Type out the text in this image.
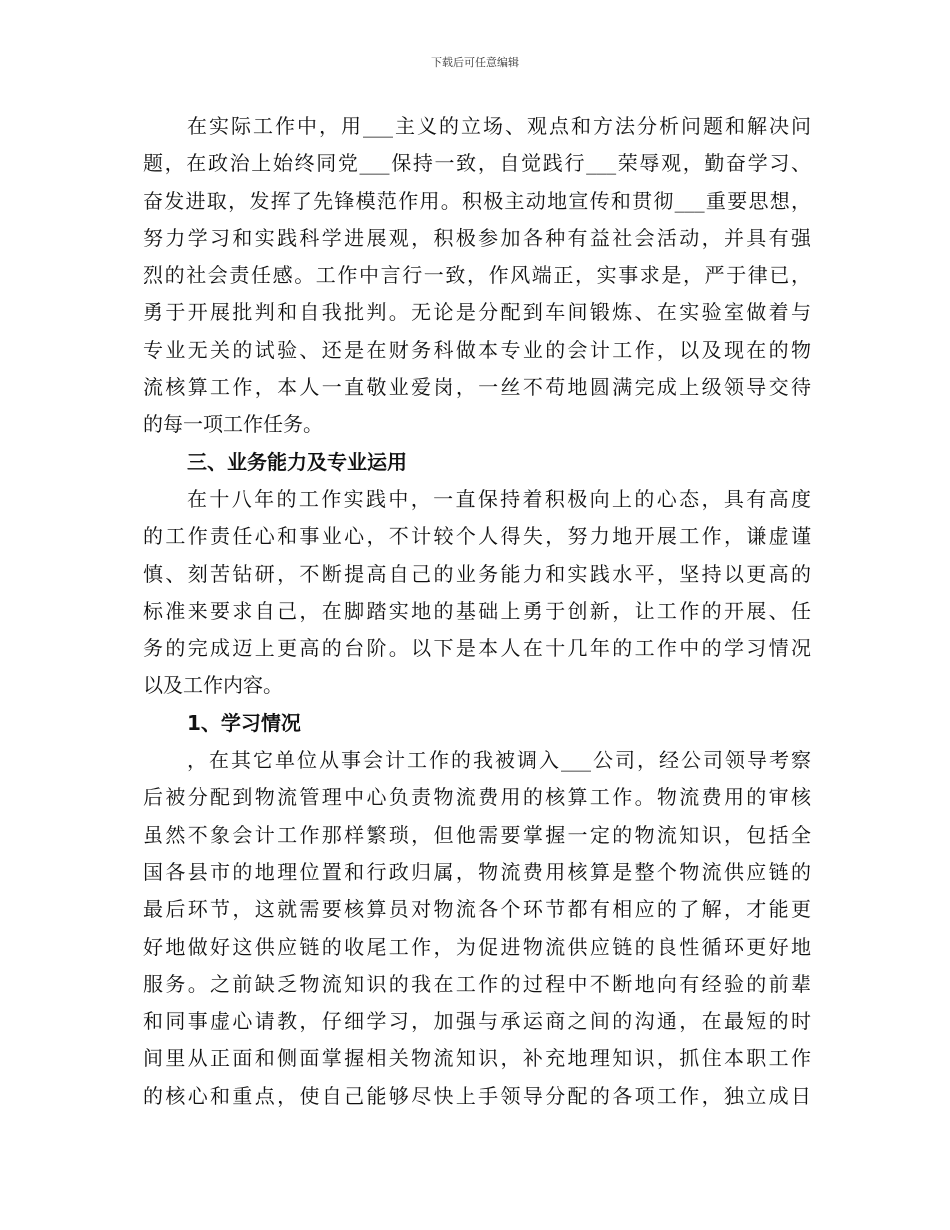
下载后可任意编辑
在实际工作中，用___主义的立场、观点和方法分析问题和解决问
题，在政治上始终同党___保持一致，自觉践行___荣辱观，勤奋学习、
奋发进取，发挥了先锋模范作用。积极主动地宣传和贯彻___重要思想，
努力学习和实践科学进展观，积极参加各种有益社会活动，并具有强
烈的社会责任感。工作中言行一致，作风端正，实事求是，严于律已，
勇于开展批判和自我批判。无论是分配到车间锻炼、在实验室做着与
专业无关的试验、还是在财务科做本专业的会计工作，以及现在的物
流核算工作，本人一直敬业爱岗，一丝不苟地圆满完成上级领导交待
的每一项工作任务。
三、业务能力及专业运用
在十八年的工作实践中，一直保持着积极向上的心态，具有高度
的工作责任心和事业心，不计较个人得失，努力地开展工作，谦虚谨
慎、刻苦钻研，不断提高自己的业务能力和实践水平，坚持以更高的
标准来要求自己，在脚踏实地的基础上勇于创新，让工作的开展、任
务的完成迈上更高的台阶。以下是本人在十几年的工作中的学习情况
以及工作内容。
1、学习情况
，在其它单位从事会计工作的我被调入___公司，经公司领导考察
后被分配到物流管理中心负责物流费用的核算工作。物流费用的审核
虽然不象会计工作那样繁琐，但他需要掌握一定的物流知识，包括全
国各县市的地理位置和行政归属，物流费用核算是整个物流供应链的
最后环节，这就需要核算员对物流各个环节都有相应的了解，才能更
好地做好这供应链的收尾工作，为促进物流供应链的良性循环更好地
服务。之前缺乏物流知识的我在工作的过程中不断地向有经验的前辈
和同事虚心请教，仔细学习，加强与承运商之间的沟通，在最短的时
间里从正面和侧面掌握相关物流知识，补充地理知识，抓住本职工作
的核心和重点，使自己能够尽快上手领导分配的各项工作，独立成日
